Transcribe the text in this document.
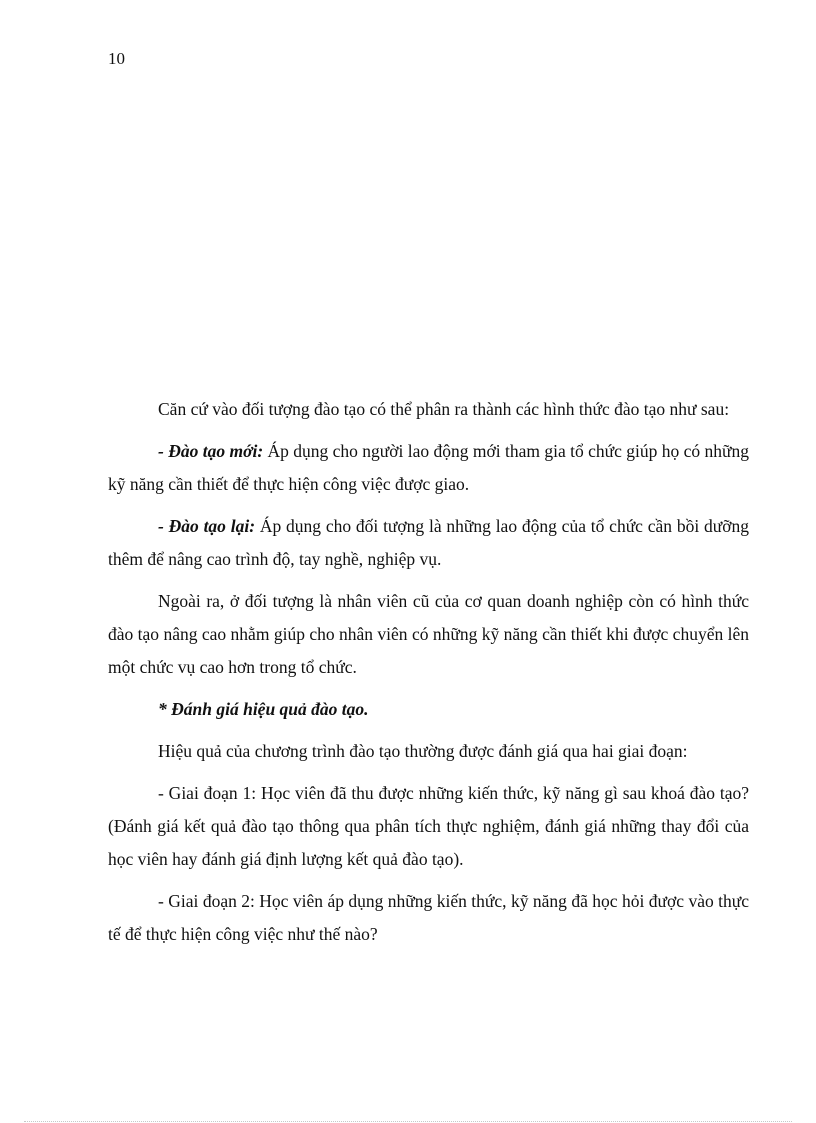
10

Căn cứ vào đối tượng đào tạo có thể phân ra thành các hình thức đào tạo như sau:

- Đào tạo mới: Áp dụng cho người lao động mới tham gia tổ chức giúp họ có những kỹ năng cần thiết để thực hiện công việc được giao.

- Đào tạo lại: Áp dụng cho đối tượng là những lao động của tổ chức cần bồi dưỡng thêm để nâng cao trình độ, tay nghề, nghiệp vụ.

Ngoài ra, ở đối tượng là nhân viên cũ của cơ quan doanh nghiệp còn có hình thức đào tạo nâng cao nhằm giúp cho nhân viên có những kỹ năng cần thiết khi được chuyển lên một chức vụ cao hơn trong tổ chức.

* Đánh giá hiệu quả đào tạo.

Hiệu quả của chương trình đào tạo thường được đánh giá qua hai giai đoạn:

- Giai đoạn 1: Học viên đã thu được những kiến thức, kỹ năng gì sau khoá đào tạo? (Đánh giá kết quả đào tạo thông qua phân tích thực nghiệm, đánh giá những thay đổi của học viên hay đánh giá định lượng kết quả đào tạo).

- Giai đoạn 2: Học viên áp dụng những kiến thức, kỹ năng đã học hỏi được vào thực tế để thực hiện công việc như thế nào?
